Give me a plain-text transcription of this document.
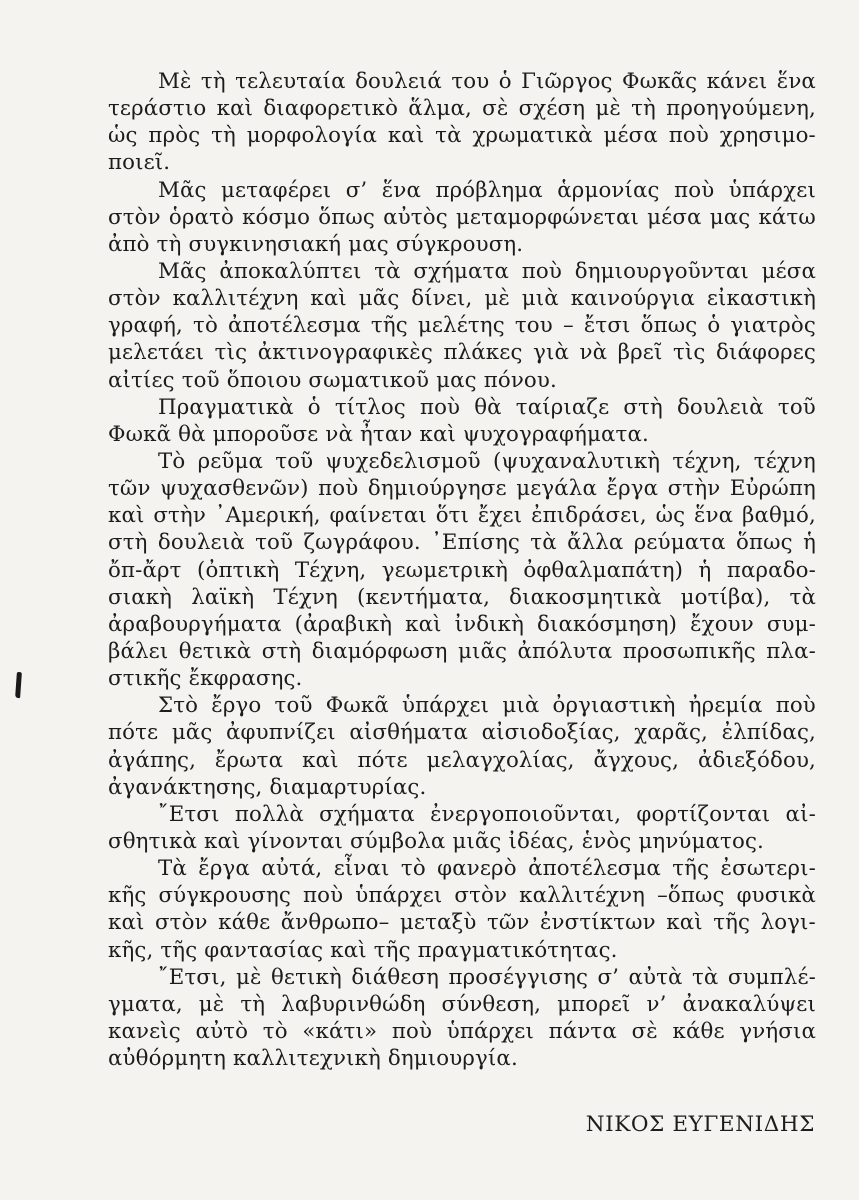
Μὲ τὴ τελευταία δουλειά του ὁ Γιῶργος Φωκᾶς κάνει ἕνα
τεράστιο καὶ διαφορετικὸ ἅλμα, σὲ σχέση μὲ τὴ προηγούμενη,
ὡς πρὸς τὴ μορφολογία καὶ τὰ χρωματικὰ μέσα ποὺ χρησιμο-
ποιεῖ.
Μᾶς μεταφέρει σ’ ἕνα πρόβλημα ἁρμονίας ποὺ ὑπάρχει
στὸν ὁρατὸ κόσμο ὅπως αὐτὸς μεταμορφώνεται μέσα μας κάτω
ἀπὸ τὴ συγκινησιακή μας σύγκρουση.
Μᾶς ἀποκαλύπτει τὰ σχήματα ποὺ δημιουργοῦνται μέσα
στὸν καλλιτέχνη καὶ μᾶς δίνει, μὲ μιὰ καινούργια εἰκαστικὴ
γραφή, τὸ ἀποτέλεσμα τῆς μελέτης του – ἔτσι ὅπως ὁ γιατρὸς
μελετάει τὶς ἀκτινογραφικὲς πλάκες γιὰ νὰ βρεῖ τὶς διάφορες
αἰτίες τοῦ ὅποιου σωματικοῦ μας πόνου.
Πραγματικὰ ὁ τίτλος ποὺ θὰ ταίριαζε στὴ δουλειὰ τοῦ
Φωκᾶ θὰ μποροῦσε νὰ ἦταν καὶ ψυχογραφήματα.
Τὸ ρεῦμα τοῦ ψυχεδελισμοῦ (ψυχαναλυτικὴ τέχνη, τέχνη
τῶν ψυχασθενῶν) ποὺ δημιούργησε μεγάλα ἔργα στὴν Εὐρώπη
καὶ στὴν ᾿Αμερική, φαίνεται ὅτι ἔχει ἐπιδράσει, ὡς ἕνα βαθμό,
στὴ δουλειὰ τοῦ ζωγράφου. ᾿Επίσης τὰ ἄλλα ρεύματα ὅπως ἡ
ὄπ-ἄρτ (ὀπτικὴ Τέχνη, γεωμετρικὴ ὀφθαλμαπάτη) ἡ παραδο-
σιακὴ λαϊκὴ Τέχνη (κεντήματα, διακοσμητικὰ μοτίβα), τὰ
ἀραβουργήματα (ἀραβικὴ καὶ ἰνδικὴ διακόσμηση) ἔχουν συμ-
βάλει θετικὰ στὴ διαμόρφωση μιᾶς ἀπόλυτα προσωπικῆς πλα-
στικῆς ἔκφρασης.
Στὸ ἔργο τοῦ Φωκᾶ ὑπάρχει μιὰ ὀργιαστικὴ ἠρεμία ποὺ
πότε μᾶς ἀφυπνίζει αἰσθήματα αἰσιοδοξίας, χαρᾶς, ἐλπίδας,
ἀγάπης, ἔρωτα καὶ πότε μελαγχολίας, ἄγχους, ἀδιεξόδου,
ἀγανάκτησης, διαμαρτυρίας.
῎Ετσι πολλὰ σχήματα ἐνεργοποιοῦνται, φορτίζονται αἰ-
σθητικὰ καὶ γίνονται σύμβολα μιᾶς ἰδέας, ἑνὸς μηνύματος.
Τὰ ἔργα αὐτά, εἶναι τὸ φανερὸ ἀποτέλεσμα τῆς ἐσωτερι-
κῆς σύγκρουσης ποὺ ὑπάρχει στὸν καλλιτέχνη –ὅπως φυσικὰ
καὶ στὸν κάθε ἄνθρωπο– μεταξὺ τῶν ἐνστίκτων καὶ τῆς λογι-
κῆς, τῆς φαντασίας καὶ τῆς πραγματικότητας.
῎Ετσι, μὲ θετικὴ διάθεση προσέγγισης σ’ αὐτὰ τὰ συμπλέ-
γματα, μὲ τὴ λαβυρινθώδη σύνθεση, μπορεῖ ν’ ἀνακαλύψει
κανεὶς αὐτὸ τὸ «κάτι» ποὺ ὑπάρχει πάντα σὲ κάθε γνήσια
αὐθόρμητη καλλιτεχνικὴ δημιουργία.
ΝΙΚΟΣ ΕΥΓΕΝΙΔΗΣ
